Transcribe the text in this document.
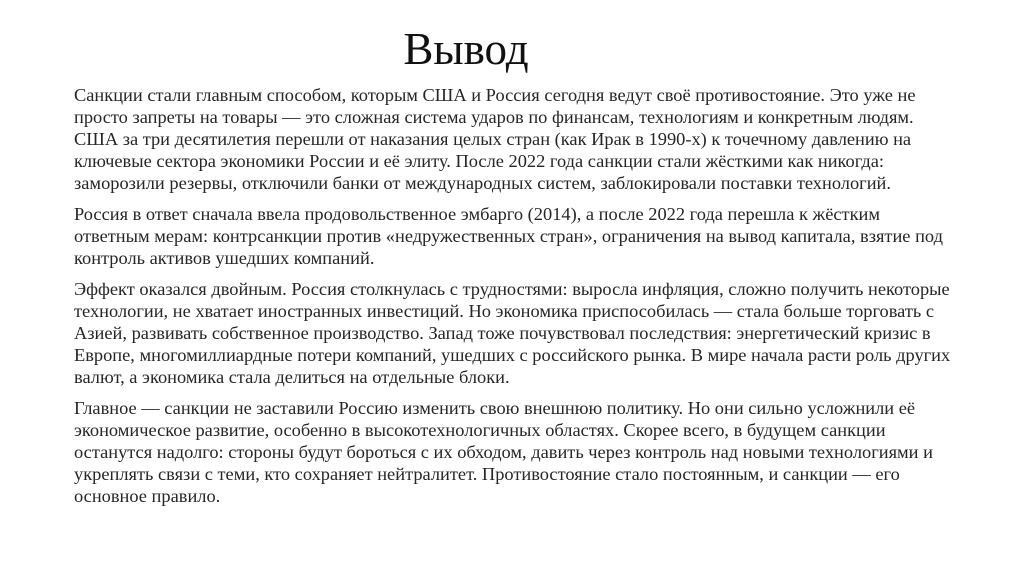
Вывод

Санкции стали главным способом, которым США и Россия сегодня ведут своё противостояние. Это уже не просто запреты на товары — это сложная система ударов по финансам, технологиям и конкретным людям. США за три десятилетия перешли от наказания целых стран (как Ирак в 1990-х) к точечному давлению на ключевые сектора экономики России и её элиту. После 2022 года санкции стали жёсткими как никогда: заморозили резервы, отключили банки от международных систем, заблокировали поставки технологий.

Россия в ответ сначала ввела продовольственное эмбарго (2014), а после 2022 года перешла к жёстким ответным мерам: контрсанкции против «недружественных стран», ограничения на вывод капитала, взятие под контроль активов ушедших компаний.

Эффект оказался двойным. Россия столкнулась с трудностями: выросла инфляция, сложно получить некоторые технологии, не хватает иностранных инвестиций. Но экономика приспособилась — стала больше торговать с Азией, развивать собственное производство. Запад тоже почувствовал последствия: энергетический кризис в Европе, многомиллиардные потери компаний, ушедших с российского рынка. В мире начала расти роль других валют, а экономика стала делиться на отдельные блоки.

Главное — санкции не заставили Россию изменить свою внешнюю политику. Но они сильно усложнили её экономическое развитие, особенно в высокотехнологичных областях. Скорее всего, в будущем санкции останутся надолго: стороны будут бороться с их обходом, давить через контроль над новыми технологиями и укреплять связи с теми, кто сохраняет нейтралитет. Противостояние стало постоянным, и санкции — его основное правило.
